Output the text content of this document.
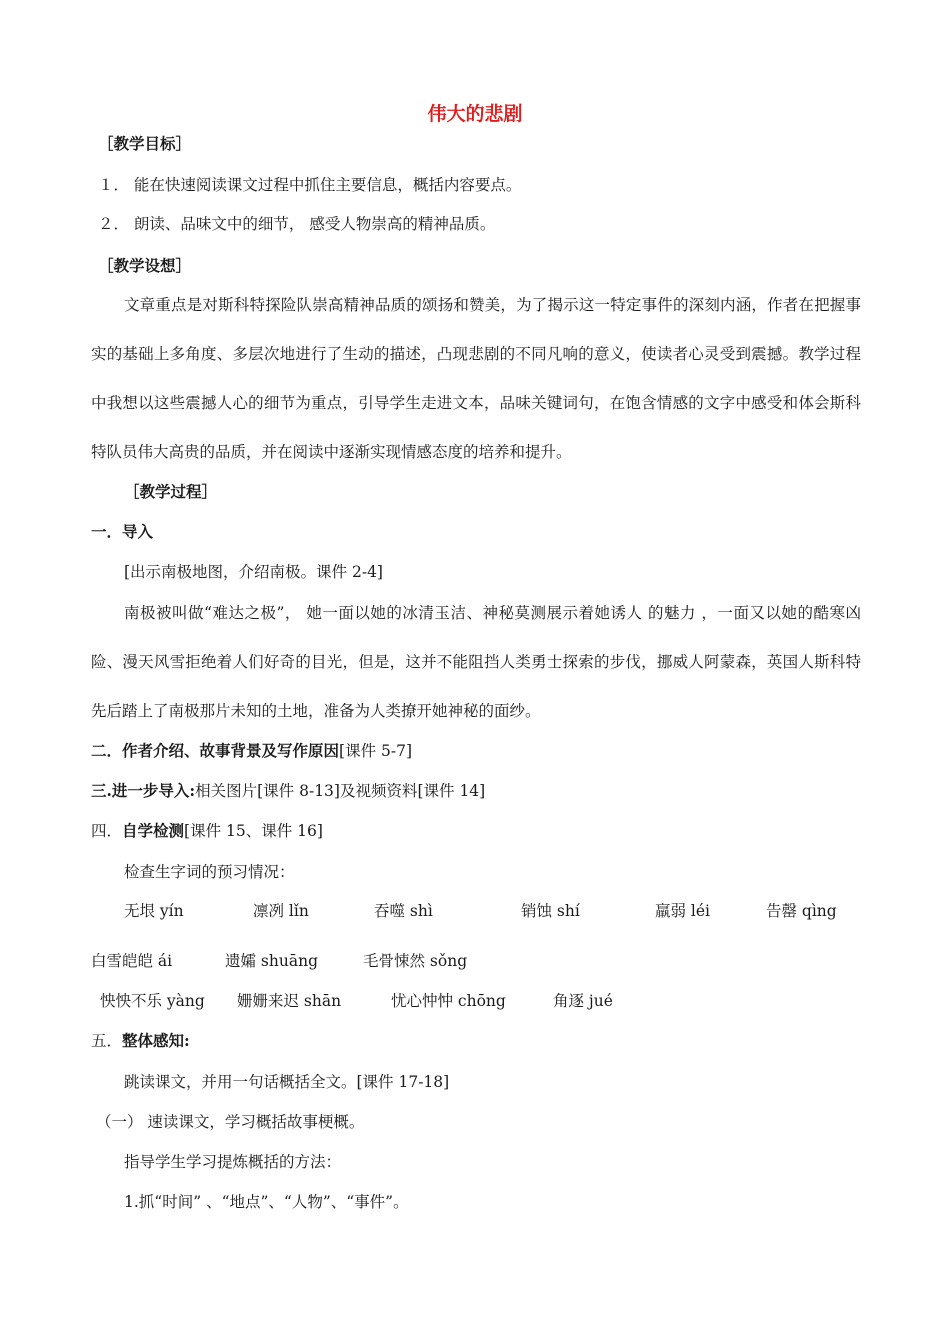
伟大的悲剧
［教学目标］
１． 能在快速阅读课文过程中抓住主要信息，概括内容要点。
２． 朗读、品味文中的细节， 感受人物崇高的精神品质。
［教学设想］
文章重点是对斯科特探险队崇高精神品质的颂扬和赞美，为了揭示这一特定事件的深刻内涵，作者在把握事实的基础上多角度、多层次地进行了生动的描述，凸现悲剧的不同凡响的意义，使读者心灵受到震撼。教学过程中我想以这些震撼人心的细节为重点，引导学生走进文本，品味关键词句，在饱含情感的文字中感受和体会斯科特队员伟大高贵的品质，并在阅读中逐渐实现情感态度的培养和提升。
［教学过程］
一．导入
[出示南极地图，介绍南极。课件 2-4]
南极被叫做“难达之极”， 她一面以她的冰清玉洁、神秘莫测展示着她诱人 的魅力 ，一面又以她的酷寒凶险、漫天风雪拒绝着人们好奇的目光，但是，这并不能阻挡人类勇士探索的步伐，挪威人阿蒙森，英国人斯科特先后踏上了南极那片未知的土地，准备为人类撩开她神秘的面纱。
二．作者介绍、故事背景及写作原因[课件 5-7]
三.进一步导入:相关图片[课件 8-13]及视频资料[课件 14]
四．自学检测[课件 15、课件 16]
检查生字词的预习情况：
无垠 yín	凛冽 lǐn	吞噬 shì	销蚀 shí	羸弱 léi	告罄 qìng
白雪皑皑 ái	遗孀 shuāng	毛骨悚然 sǒng
怏怏不乐 yàng 姗姗来迟 shān	忧心忡忡 chōng	角逐 jué
五．整体感知:
跳读课文，并用一句话概括全文。[课件 17-18]
（一） 速读课文，学习概括故事梗概。
指导学生学习提炼概括的方法：
1.抓“时间” 、“地点”、“人物”、“事件”。
